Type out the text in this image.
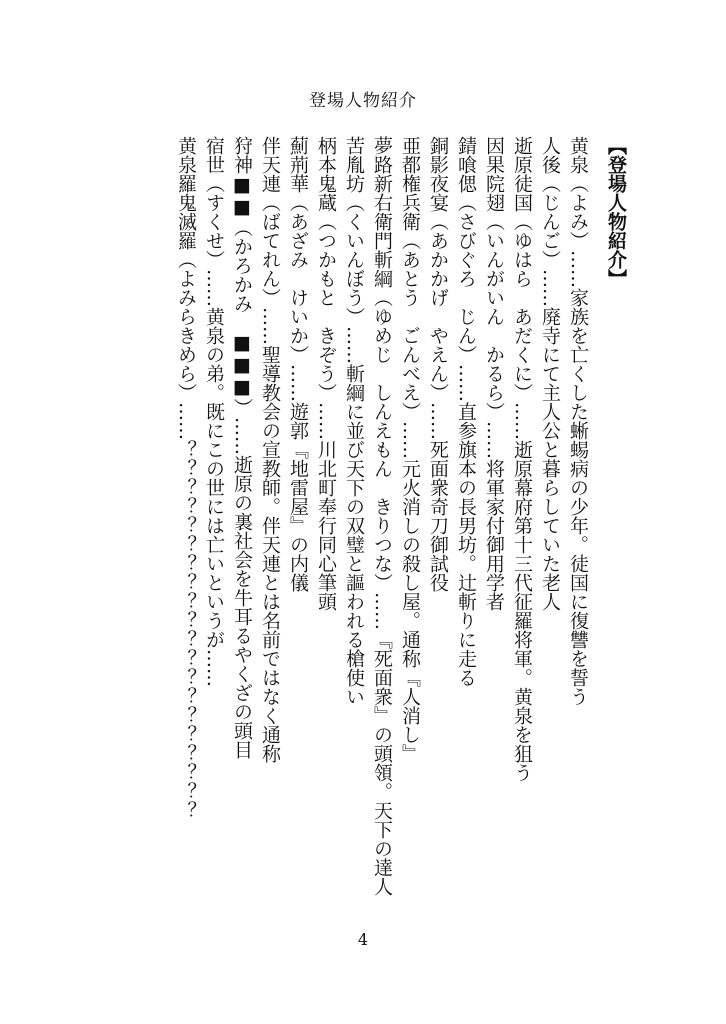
登場人物紹介
【登場人物紹介】
黄泉（よみ）……家族を亡くした蜥蜴病の少年。徒国に復讐を誓う
人後（じんご）……廃寺にて主人公と暮らしていた老人
逝原徒国（ゆはら　あだくに）……逝原幕府第十三代征羅将軍。黄泉を狙う
因果院翅（いんがいん　かるら）……将軍家付御用学者
錆喰偲（さびぐろ　じん）……直参旗本の長男坊。辻斬りに走る
銅影夜宴（あかかげ　やえん）……死面衆奇刀御試役
亜都権兵衛（あとう　ごんべえ）……元火消しの殺し屋。通称『人消し』
夢路新右衛門斬綱（ゆめじ　しんえもん　きりつな）……『死面衆』の頭領。天下の達人
苦胤坊（くいんぼう）……斬綱に並び天下の双璧と謳われる槍使い
柄本鬼蔵（つかもと　きぞう）……川北町奉行同心筆頭
薊荊華（あざみ　けいか）……遊郭『地雷屋』の内儀
伴天連（ばてれん）……聖導教会の宣教師。伴天連とは名前ではなく通称
狩神■■（かろかみ　■■■）……逝原の裏社会を牛耳るやくざの頭目
宿世（すくせ）……黄泉の弟。既にこの世には亡いというが……
黄泉羅鬼滅羅（よみらきめら）……？？？？？？？？？？？？？？？？？？？？
4
